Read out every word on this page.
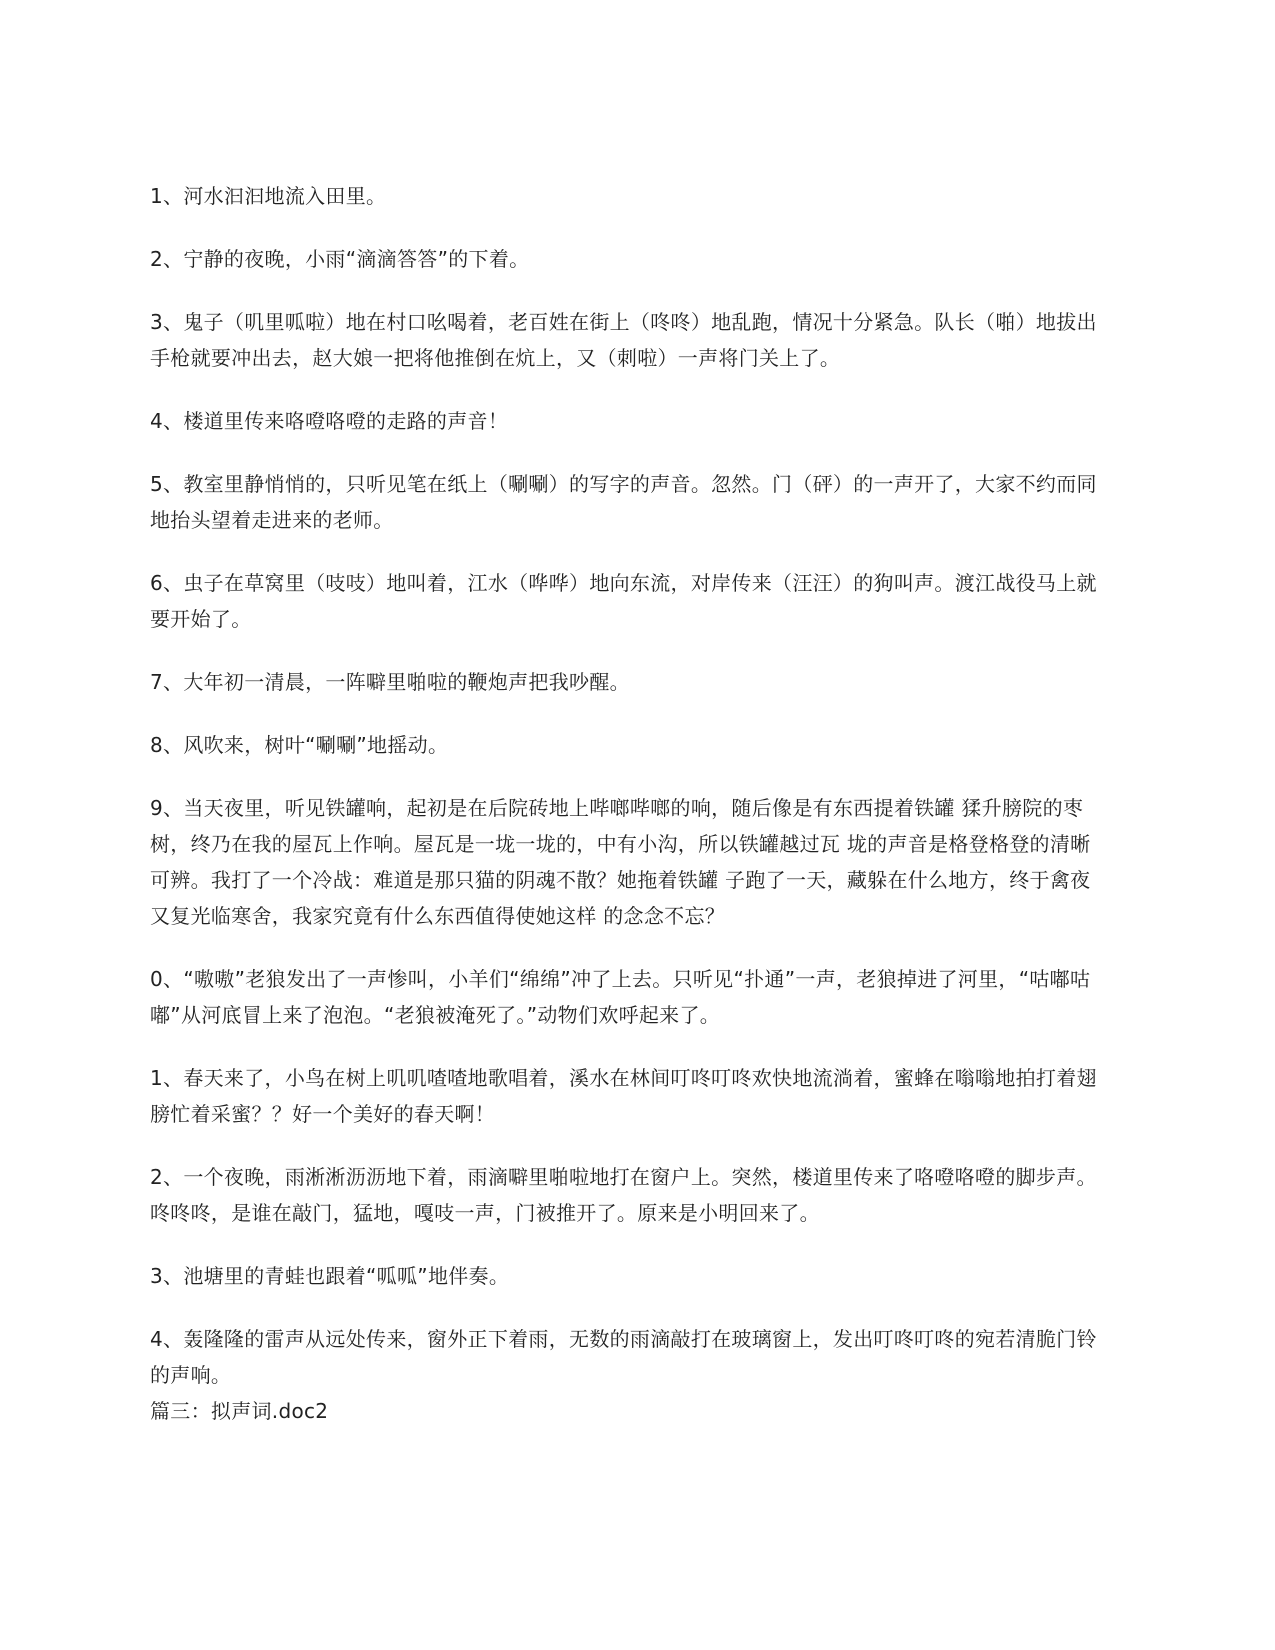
1、河水汩汩地流入田里。

2、宁静的夜晚，小雨“滴滴答答”的下着。

3、鬼子（叽里呱啦）地在村口吆喝着，老百姓在街上（咚咚）地乱跑，情况十分紧急。队长（啪）地拔出手枪就要冲出去，赵大娘一把将他推倒在炕上，又（刺啦）一声将门关上了。

4、楼道里传来咯噔咯噔的走路的声音！

5、教室里静悄悄的，只听见笔在纸上（唰唰）的写字的声音。忽然。门（砰）的一声开了，大家不约而同地抬头望着走进来的老师。

6、虫子在草窝里（吱吱）地叫着，江水（哗哗）地向东流，对岸传来（汪汪）的狗叫声。渡江战役马上就要开始了。

7、大年初一清晨，一阵噼里啪啦的鞭炮声把我吵醒。

8、风吹来，树叶“唰唰”地摇动。

9、当天夜里，听见铁罐响，起初是在后院砖地上哔啷哔啷的响，随后像是有东西提着铁罐 猱升膀院的枣树，终乃在我的屋瓦上作响。屋瓦是一垅一垅的，中有小沟，所以铁罐越过瓦 垅的声音是格登格登的清晰可辨。我打了一个冷战：难道是那只猫的阴魂不散？她拖着铁罐 子跑了一天，藏躲在什么地方，终于禽夜又复光临寒舍，我家究竟有什么东西值得使她这样 的念念不忘？

0、“嗷嗷”老狼发出了一声惨叫，小羊们“绵绵”冲了上去。只听见“扑通”一声，老狼掉进了河里，“咕嘟咕嘟”从河底冒上来了泡泡。“老狼被淹死了。”动物们欢呼起来了。

1、春天来了，小鸟在树上叽叽喳喳地歌唱着，溪水在林间叮咚叮咚欢快地流淌着，蜜蜂在嗡嗡地拍打着翅膀忙着采蜜？？好一个美好的春天啊！

2、一个夜晚，雨淅淅沥沥地下着，雨滴噼里啪啦地打在窗户上。突然，楼道里传来了咯噔咯噔的脚步声。咚咚咚，是谁在敲门，猛地，嘎吱一声，门被推开了。原来是小明回来了。

3、池塘里的青蛙也跟着“呱呱”地伴奏。

4、轰隆隆的雷声从远处传来，窗外正下着雨，无数的雨滴敲打在玻璃窗上，发出叮咚叮咚的宛若清脆门铃的声响。

篇三：拟声词.doc2
